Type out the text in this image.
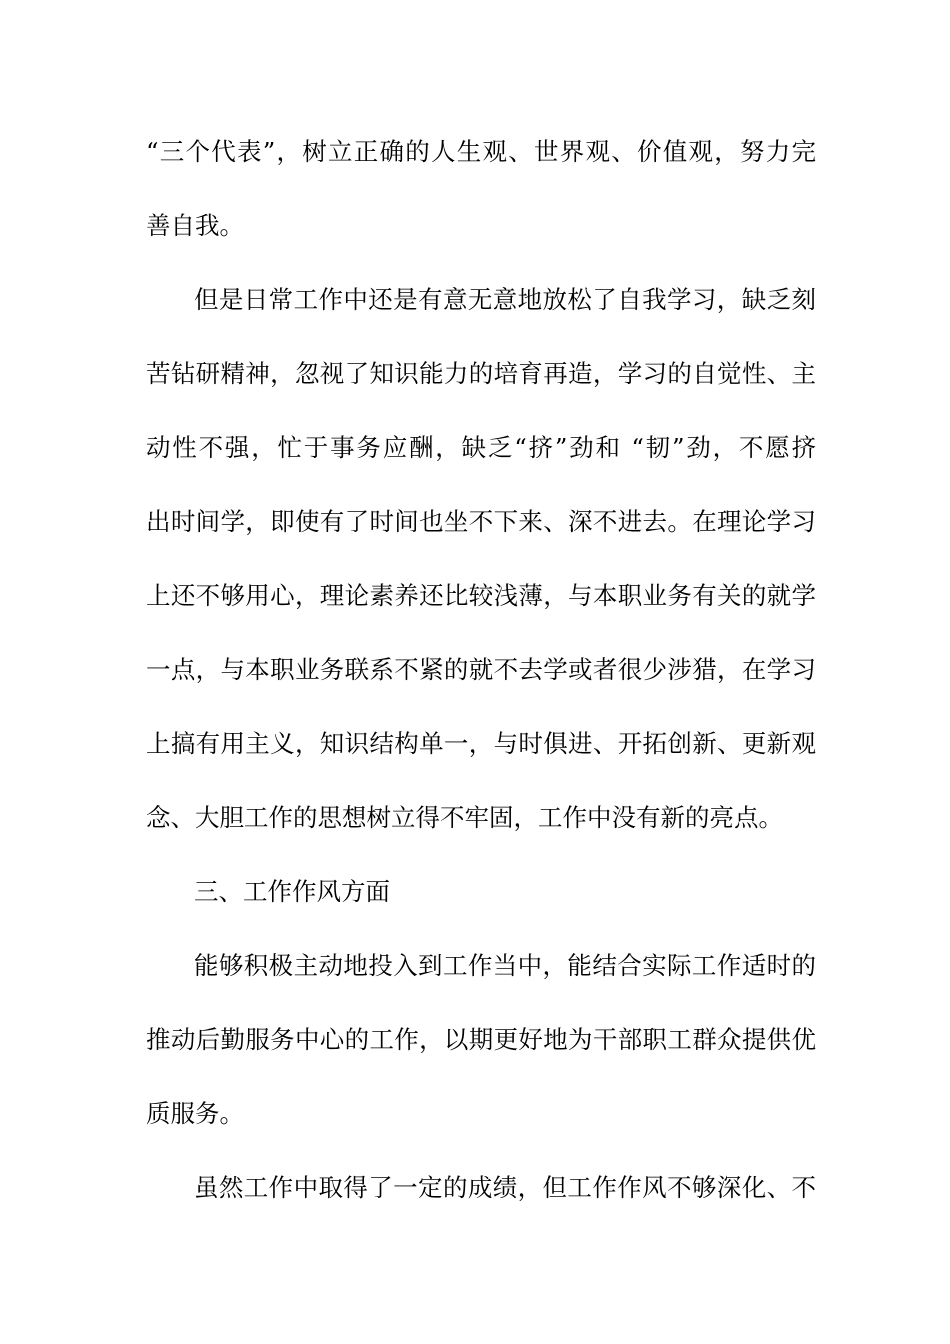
“三个代表”，树立正确的人生观、世界观、价值观，努力完
善自我。
但是日常工作中还是有意无意地放松了自我学习，缺乏刻
苦钻研精神，忽视了知识能力的培育再造，学习的自觉性、主
动性不强，忙于事务应酬，缺乏“挤”劲和 “韧”劲，不愿挤
出时间学，即使有了时间也坐不下来、深不进去。在理论学习
上还不够用心，理论素养还比较浅薄，与本职业务有关的就学
一点，与本职业务联系不紧的就不去学或者很少涉猎，在学习
上搞有用主义，知识结构单一，与时俱进、开拓创新、更新观
念、大胆工作的思想树立得不牢固，工作中没有新的亮点。
三、工作作风方面
能够积极主动地投入到工作当中，能结合实际工作适时的
推动后勤服务中心的工作，以期更好地为干部职工群众提供优
质服务。
虽然工作中取得了一定的成绩，但工作作风不够深化、不
